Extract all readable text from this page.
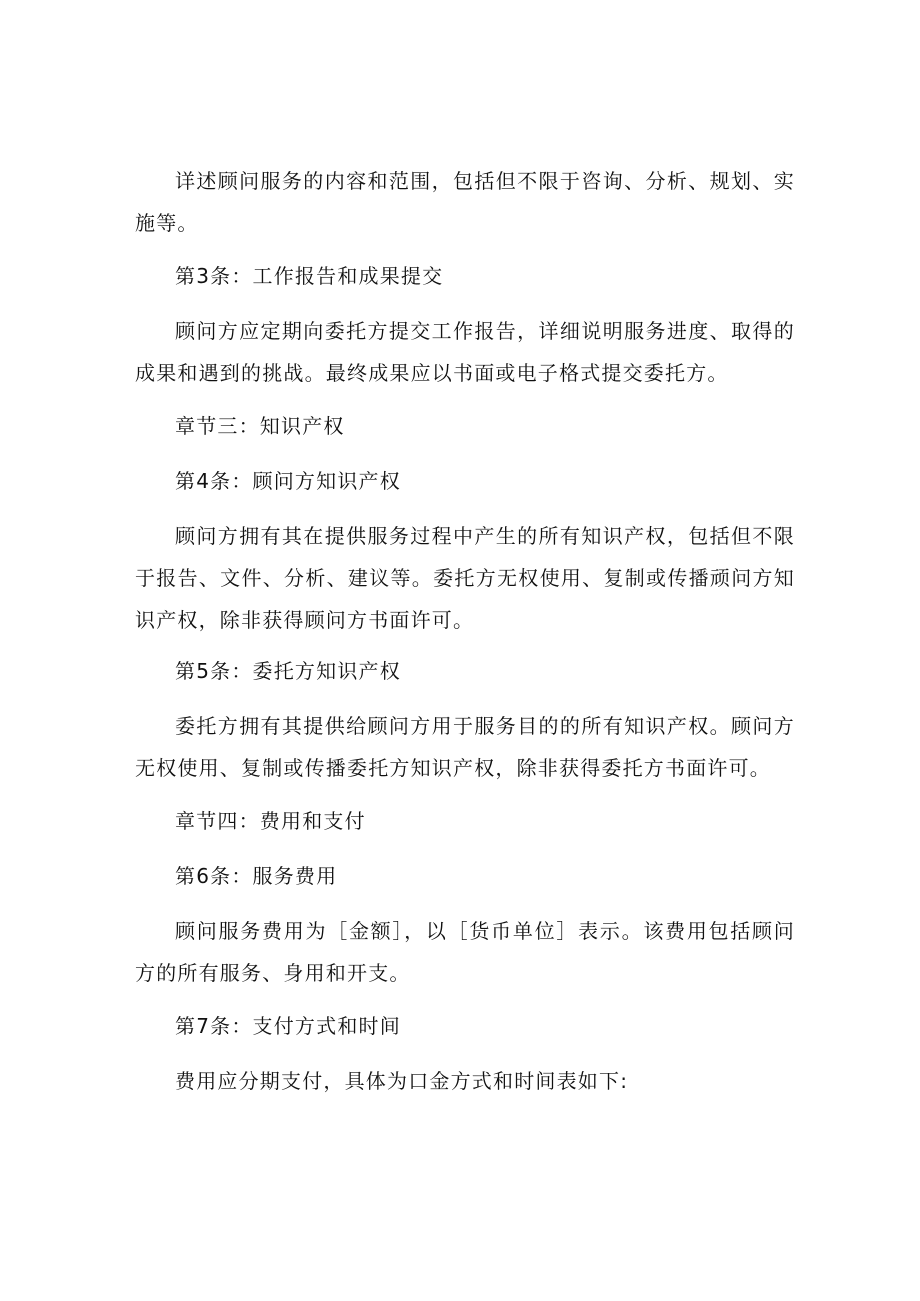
详述顾问服务的内容和范围，包括但不限于咨询、分析、规划、实施等。

第3条：工作报告和成果提交

顾问方应定期向委托方提交工作报告，详细说明服务进度、取得的成果和遇到的挑战。最终成果应以书面或电子格式提交委托方。

章节三：知识产权

第4条：顾问方知识产权

顾问方拥有其在提供服务过程中产生的所有知识产权，包括但不限于报告、文件、分析、建议等。委托方无权使用、复制或传播顽问方知识产权，除非获得顾问方书面许可。

第5条：委托方知识产权

委托方拥有其提供给顾问方用于服务目的的所有知识产权。顾问方无权使用、复制或传播委托方知识产权，除非获得委托方书面许可。

章节四：费用和支付

第6条：服务费用

顾问服务费用为［金额］，以［货币单位］表示。该费用包括顾问方的所有服务、身用和开支。

第7条：支付方式和时间

费用应分期支付，具体为口金方式和时间表如下:
